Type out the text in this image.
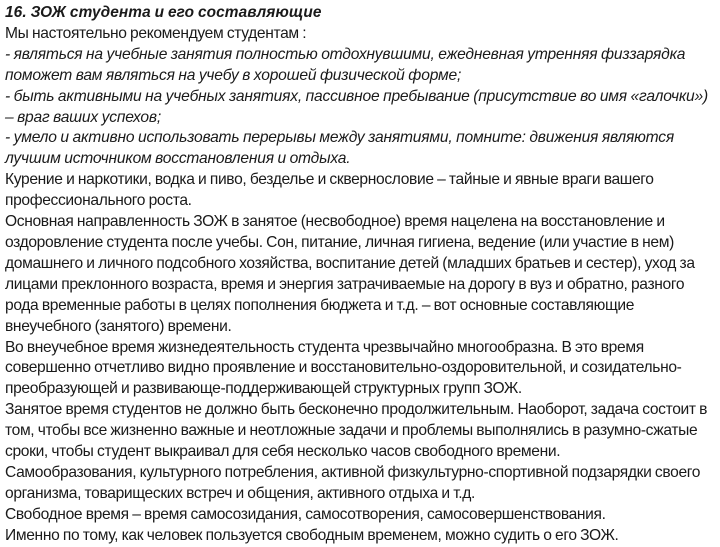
16. ЗОЖ студента и его составляющие

Мы настоятельно рекомендуем студентам :

- являться на учебные занятия полностью отдохнувшими, ежедневная утренняя физзарядка поможет вам являться на учебу в хорошей физической форме;

- быть активными на учебных занятиях, пассивное пребывание (присутствие во имя «галочки») – враг ваших успехов;

- умело и активно использовать перерывы между занятиями, помните: движения являются лучшим источником восстановления и отдыха.

Курение и наркотики, водка и пиво, безделье и сквернословие – тайные и явные враги вашего профессионального роста.

Основная направленность ЗОЖ в занятое (несвободное) время нацелена на восстановление и оздоровление студента после учебы. Сон, питание, личная гигиена, ведение (или участие в нем) домашнего и личного подсобного хозяйства, воспитание детей (младших братьев и сестер), уход за лицами преклонного возраста, время и энергия затрачиваемые на дорогу в вуз и обратно, разного рода временные работы в целях пополнения бюджета и т.д. – вот основные составляющие внеучебного (занятого) времени.

Во внеучебное время жизнедеятельность студента чрезвычайно многообразна. В это время совершенно отчетливо видно проявление и восстановительно-оздоровительной, и созидательно-преобразующей и развивающе-поддерживающей структурных групп ЗОЖ.

Занятое время студентов не должно быть бесконечно продолжительным. Наоборот, задача состоит в том, чтобы все жизненно важные и неотложные задачи и проблемы выполнялись в разумно-сжатые сроки, чтобы студент выкраивал для себя несколько часов свободного времени.

Самообразования, культурного потребления, активной физкультурно-спортивной подзарядки своего организма, товарищеских встреч и общения, активного отдыха и т.д.

Свободное время – время самосозидания, самосотворения, самосовершенствования.

Именно по тому, как человек пользуется свободным временем, можно судить о его ЗОЖ.
